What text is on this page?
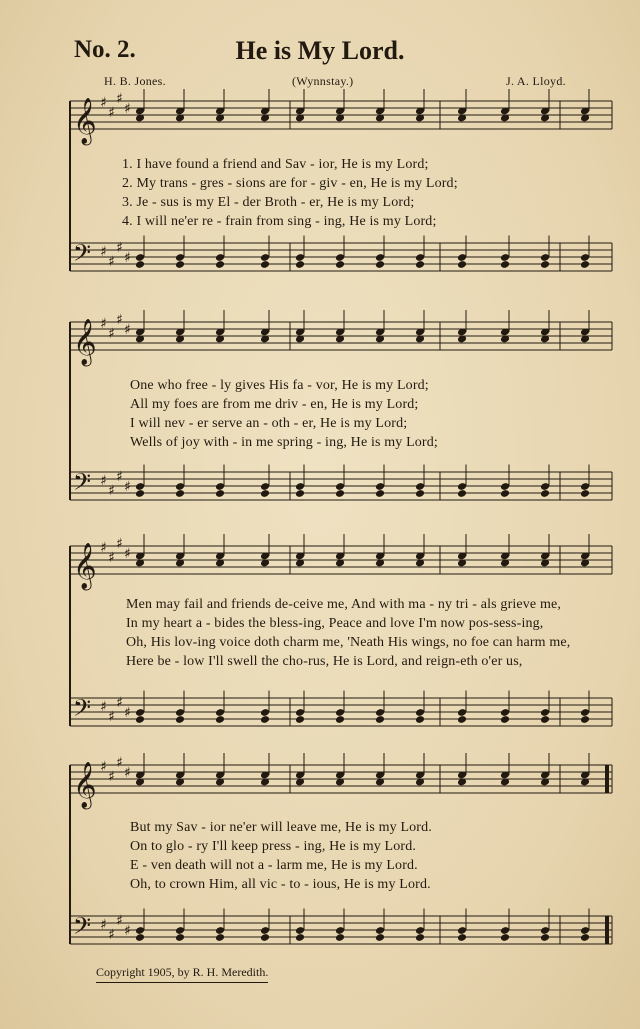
No. 2.	He is My Lord.
H. B. Jones.	(Wynnstay.)	J. A. Lloyd.
𝄞 ♯
♯
♯
♯
𝄢 ♯
♯
♯
♯
1. I have found a friend and Sav - ior, He is my Lord;
2. My trans - gres - sions are for - giv - en, He is my Lord;
3. Je - sus is my El - der Broth - er, He is my Lord;
4. I will ne'er re - frain from sing - ing, He is my Lord;
𝄞 ♯
♯
♯
♯
𝄢 ♯
♯
♯
♯
One who free - ly gives His fa - vor, He is my Lord;
All my foes are from me driv - en, He is my Lord;
I will nev - er serve an - oth - er, He is my Lord;
Wells of joy with - in me spring - ing, He is my Lord;
𝄞 ♯
♯
♯
♯
𝄢 ♯
♯
♯
♯
Men may fail and friends de-ceive me, And with ma - ny tri - als grieve me,
In my heart a - bides the bless-ing, Peace and love I'm now pos-sess-ing,
Oh, His lov-ing voice doth charm me, 'Neath His wings, no foe can harm me,
Here be - low I'll swell the cho-rus, He is Lord, and reign-eth o'er us,
𝄞 ♯
♯
♯
♯
𝄢 ♯
♯
♯
♯
But my Sav - ior ne'er will leave me, He is my Lord.
On to glo - ry I'll keep press - ing, He is my Lord.
E - ven death will not a - larm me, He is my Lord.
Oh, to crown Him, all vic - to - ious, He is my Lord.
Copyright 1905, by R. H. Meredith.
